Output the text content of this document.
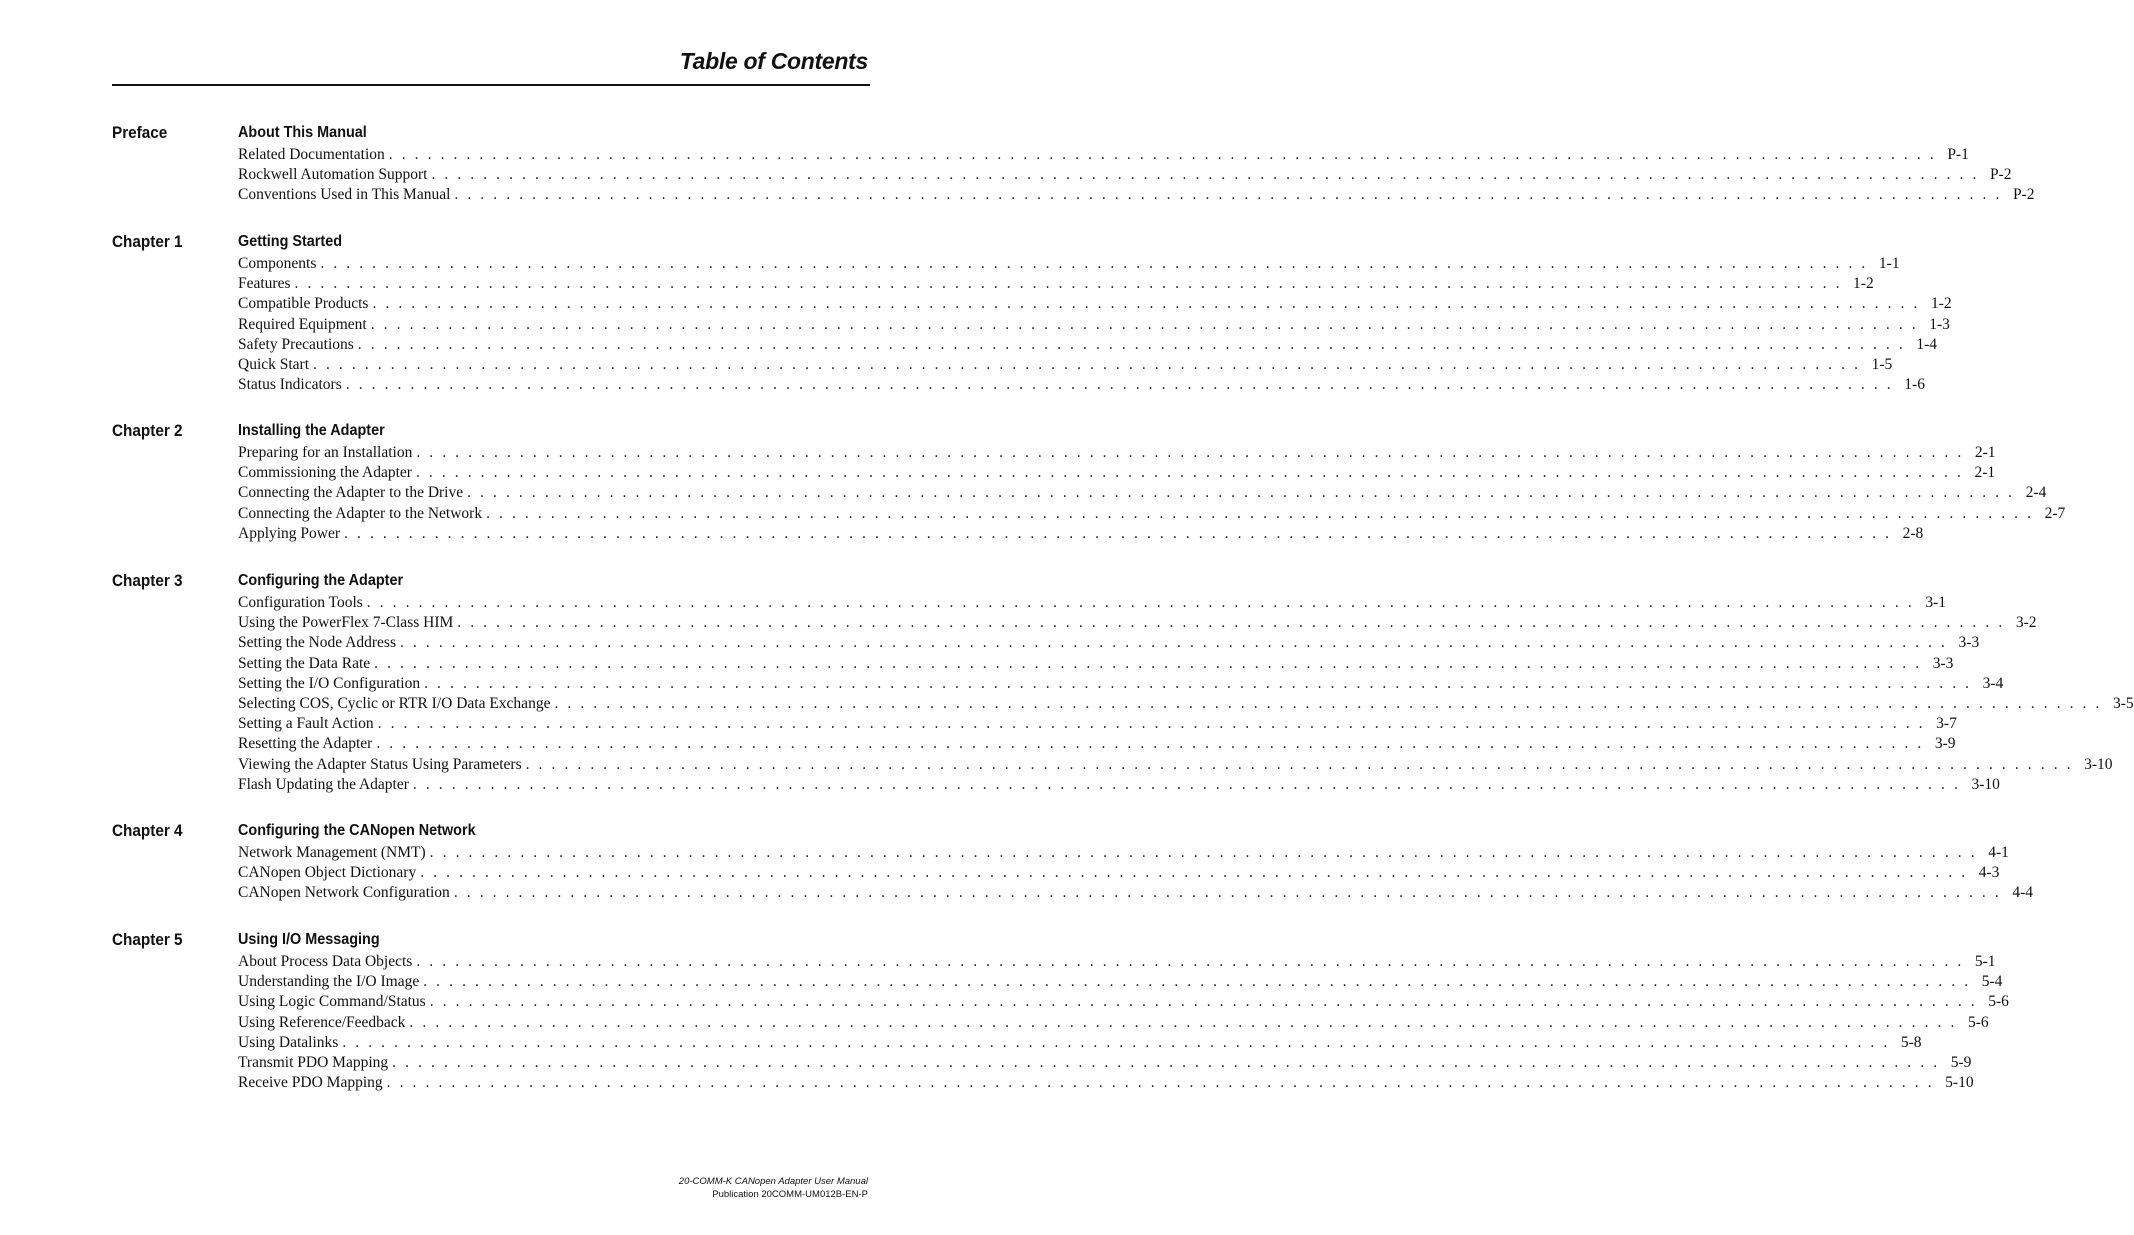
Table of Contents
Preface	About This Manual
Related Documentation . . . . . . . . . . . . . . . . . . . . . . . . . . . . . . . . . . . . . . . . . . . . . . . . . . . . . . . . . . . . . . . . . . . . . . . . . . . . . . . . . . . . . . . . . . . . . . . . . . . . . . . . . . . . . . . . . . . . . . . . P-1
Rockwell Automation Support . . . . . . . . . . . . . . . . . . . . . . . . . . . . . . . . . . . . . . . . . . . . . . . . . . . . . . . . . . . . . . . . . . . . . . . . . . . . . . . . . . . . . . . . . . . . . . . . . . . . . . . . . . . . . . . . . . . . . . . . P-2
Conventions Used in This Manual . . . . . . . . . . . . . . . . . . . . . . . . . . . . . . . . . . . . . . . . . . . . . . . . . . . . . . . . . . . . . . . . . . . . . . . . . . . . . . . . . . . . . . . . . . . . . . . . . . . . . . . . . . . . . . . . . . . . . . . . P-2
Chapter 1	Getting Started
Components . . . . . . . . . . . . . . . . . . . . . . . . . . . . . . . . . . . . . . . . . . . . . . . . . . . . . . . . . . . . . . . . . . . . . . . . . . . . . . . . . . . . . . . . . . . . . . . . . . . . . . . . . . . . . . . . . . . . . . . . 1-1
Features . . . . . . . . . . . . . . . . . . . . . . . . . . . . . . . . . . . . . . . . . . . . . . . . . . . . . . . . . . . . . . . . . . . . . . . . . . . . . . . . . . . . . . . . . . . . . . . . . . . . . . . . . . . . . . . . . . . . . . . . 1-2
Compatible Products . . . . . . . . . . . . . . . . . . . . . . . . . . . . . . . . . . . . . . . . . . . . . . . . . . . . . . . . . . . . . . . . . . . . . . . . . . . . . . . . . . . . . . . . . . . . . . . . . . . . . . . . . . . . . . . . . . . . . . . . 1-2
Required Equipment . . . . . . . . . . . . . . . . . . . . . . . . . . . . . . . . . . . . . . . . . . . . . . . . . . . . . . . . . . . . . . . . . . . . . . . . . . . . . . . . . . . . . . . . . . . . . . . . . . . . . . . . . . . . . . . . . . . . . . . . 1-3
Safety Precautions . . . . . . . . . . . . . . . . . . . . . . . . . . . . . . . . . . . . . . . . . . . . . . . . . . . . . . . . . . . . . . . . . . . . . . . . . . . . . . . . . . . . . . . . . . . . . . . . . . . . . . . . . . . . . . . . . . . . . . . . 1-4
Quick Start . . . . . . . . . . . . . . . . . . . . . . . . . . . . . . . . . . . . . . . . . . . . . . . . . . . . . . . . . . . . . . . . . . . . . . . . . . . . . . . . . . . . . . . . . . . . . . . . . . . . . . . . . . . . . . . . . . . . . . . . 1-5
Status Indicators . . . . . . . . . . . . . . . . . . . . . . . . . . . . . . . . . . . . . . . . . . . . . . . . . . . . . . . . . . . . . . . . . . . . . . . . . . . . . . . . . . . . . . . . . . . . . . . . . . . . . . . . . . . . . . . . . . . . . . . . 1-6
Chapter 2	Installing the Adapter
Preparing for an Installation . . . . . . . . . . . . . . . . . . . . . . . . . . . . . . . . . . . . . . . . . . . . . . . . . . . . . . . . . . . . . . . . . . . . . . . . . . . . . . . . . . . . . . . . . . . . . . . . . . . . . . . . . . . . . . . . . . . . . . . . 2-1
Commissioning the Adapter . . . . . . . . . . . . . . . . . . . . . . . . . . . . . . . . . . . . . . . . . . . . . . . . . . . . . . . . . . . . . . . . . . . . . . . . . . . . . . . . . . . . . . . . . . . . . . . . . . . . . . . . . . . . . . . . . . . . . . . . 2-1
Connecting the Adapter to the Drive . . . . . . . . . . . . . . . . . . . . . . . . . . . . . . . . . . . . . . . . . . . . . . . . . . . . . . . . . . . . . . . . . . . . . . . . . . . . . . . . . . . . . . . . . . . . . . . . . . . . . . . . . . . . . . . . . . . . . . . . 2-4
Connecting the Adapter to the Network . . . . . . . . . . . . . . . . . . . . . . . . . . . . . . . . . . . . . . . . . . . . . . . . . . . . . . . . . . . . . . . . . . . . . . . . . . . . . . . . . . . . . . . . . . . . . . . . . . . . . . . . . . . . . . . . . . . . . . . . 2-7
Applying Power . . . . . . . . . . . . . . . . . . . . . . . . . . . . . . . . . . . . . . . . . . . . . . . . . . . . . . . . . . . . . . . . . . . . . . . . . . . . . . . . . . . . . . . . . . . . . . . . . . . . . . . . . . . . . . . . . . . . . . . . 2-8
Chapter 3	Configuring the Adapter
Configuration Tools . . . . . . . . . . . . . . . . . . . . . . . . . . . . . . . . . . . . . . . . . . . . . . . . . . . . . . . . . . . . . . . . . . . . . . . . . . . . . . . . . . . . . . . . . . . . . . . . . . . . . . . . . . . . . . . . . . . . . . . . 3-1
Using the PowerFlex 7-Class HIM . . . . . . . . . . . . . . . . . . . . . . . . . . . . . . . . . . . . . . . . . . . . . . . . . . . . . . . . . . . . . . . . . . . . . . . . . . . . . . . . . . . . . . . . . . . . . . . . . . . . . . . . . . . . . . . . . . . . . . . . 3-2
Setting the Node Address . . . . . . . . . . . . . . . . . . . . . . . . . . . . . . . . . . . . . . . . . . . . . . . . . . . . . . . . . . . . . . . . . . . . . . . . . . . . . . . . . . . . . . . . . . . . . . . . . . . . . . . . . . . . . . . . . . . . . . . . 3-3
Setting the Data Rate . . . . . . . . . . . . . . . . . . . . . . . . . . . . . . . . . . . . . . . . . . . . . . . . . . . . . . . . . . . . . . . . . . . . . . . . . . . . . . . . . . . . . . . . . . . . . . . . . . . . . . . . . . . . . . . . . . . . . . . . 3-3
Setting the I/O Configuration . . . . . . . . . . . . . . . . . . . . . . . . . . . . . . . . . . . . . . . . . . . . . . . . . . . . . . . . . . . . . . . . . . . . . . . . . . . . . . . . . . . . . . . . . . . . . . . . . . . . . . . . . . . . . . . . . . . . . . . . 3-4
Selecting COS, Cyclic or RTR I/O Data Exchange . . . . . . . . . . . . . . . . . . . . . . . . . . . . . . . . . . . . . . . . . . . . . . . . . . . . . . . . . . . . . . . . . . . . . . . . . . . . . . . . . . . . . . . . . . . . . . . . . . . . . . . . . . . . . . . . . . . . . . . . 3-5
Setting a Fault Action . . . . . . . . . . . . . . . . . . . . . . . . . . . . . . . . . . . . . . . . . . . . . . . . . . . . . . . . . . . . . . . . . . . . . . . . . . . . . . . . . . . . . . . . . . . . . . . . . . . . . . . . . . . . . . . . . . . . . . . . 3-7
Resetting the Adapter . . . . . . . . . . . . . . . . . . . . . . . . . . . . . . . . . . . . . . . . . . . . . . . . . . . . . . . . . . . . . . . . . . . . . . . . . . . . . . . . . . . . . . . . . . . . . . . . . . . . . . . . . . . . . . . . . . . . . . . . 3-9
Viewing the Adapter Status Using Parameters . . . . . . . . . . . . . . . . . . . . . . . . . . . . . . . . . . . . . . . . . . . . . . . . . . . . . . . . . . . . . . . . . . . . . . . . . . . . . . . . . . . . . . . . . . . . . . . . . . . . . . . . . . . . . . . . . . . . . . . . 3-10
Flash Updating the Adapter . . . . . . . . . . . . . . . . . . . . . . . . . . . . . . . . . . . . . . . . . . . . . . . . . . . . . . . . . . . . . . . . . . . . . . . . . . . . . . . . . . . . . . . . . . . . . . . . . . . . . . . . . . . . . . . . . . . . . . . . 3-10
Chapter 4	Configuring the CANopen Network
Network Management (NMT) . . . . . . . . . . . . . . . . . . . . . . . . . . . . . . . . . . . . . . . . . . . . . . . . . . . . . . . . . . . . . . . . . . . . . . . . . . . . . . . . . . . . . . . . . . . . . . . . . . . . . . . . . . . . . . . . . . . . . . . . 4-1
CANopen Object Dictionary . . . . . . . . . . . . . . . . . . . . . . . . . . . . . . . . . . . . . . . . . . . . . . . . . . . . . . . . . . . . . . . . . . . . . . . . . . . . . . . . . . . . . . . . . . . . . . . . . . . . . . . . . . . . . . . . . . . . . . . . 4-3
CANopen Network Configuration . . . . . . . . . . . . . . . . . . . . . . . . . . . . . . . . . . . . . . . . . . . . . . . . . . . . . . . . . . . . . . . . . . . . . . . . . . . . . . . . . . . . . . . . . . . . . . . . . . . . . . . . . . . . . . . . . . . . . . . . 4-4
Chapter 5	Using I/O Messaging
About Process Data Objects . . . . . . . . . . . . . . . . . . . . . . . . . . . . . . . . . . . . . . . . . . . . . . . . . . . . . . . . . . . . . . . . . . . . . . . . . . . . . . . . . . . . . . . . . . . . . . . . . . . . . . . . . . . . . . . . . . . . . . . . 5-1
Understanding the I/O Image . . . . . . . . . . . . . . . . . . . . . . . . . . . . . . . . . . . . . . . . . . . . . . . . . . . . . . . . . . . . . . . . . . . . . . . . . . . . . . . . . . . . . . . . . . . . . . . . . . . . . . . . . . . . . . . . . . . . . . . . 5-4
Using Logic Command/Status . . . . . . . . . . . . . . . . . . . . . . . . . . . . . . . . . . . . . . . . . . . . . . . . . . . . . . . . . . . . . . . . . . . . . . . . . . . . . . . . . . . . . . . . . . . . . . . . . . . . . . . . . . . . . . . . . . . . . . . . 5-6
Using Reference/Feedback . . . . . . . . . . . . . . . . . . . . . . . . . . . . . . . . . . . . . . . . . . . . . . . . . . . . . . . . . . . . . . . . . . . . . . . . . . . . . . . . . . . . . . . . . . . . . . . . . . . . . . . . . . . . . . . . . . . . . . . . 5-6
Using Datalinks . . . . . . . . . . . . . . . . . . . . . . . . . . . . . . . . . . . . . . . . . . . . . . . . . . . . . . . . . . . . . . . . . . . . . . . . . . . . . . . . . . . . . . . . . . . . . . . . . . . . . . . . . . . . . . . . . . . . . . . . 5-8
Transmit PDO Mapping . . . . . . . . . . . . . . . . . . . . . . . . . . . . . . . . . . . . . . . . . . . . . . . . . . . . . . . . . . . . . . . . . . . . . . . . . . . . . . . . . . . . . . . . . . . . . . . . . . . . . . . . . . . . . . . . . . . . . . . . 5-9
Receive PDO Mapping . . . . . . . . . . . . . . . . . . . . . . . . . . . . . . . . . . . . . . . . . . . . . . . . . . . . . . . . . . . . . . . . . . . . . . . . . . . . . . . . . . . . . . . . . . . . . . . . . . . . . . . . . . . . . . . . . . . . . . . . 5-10
20-COMM-K CANopen Adapter User Manual
Publication 20COMM-UM012B-EN-P
